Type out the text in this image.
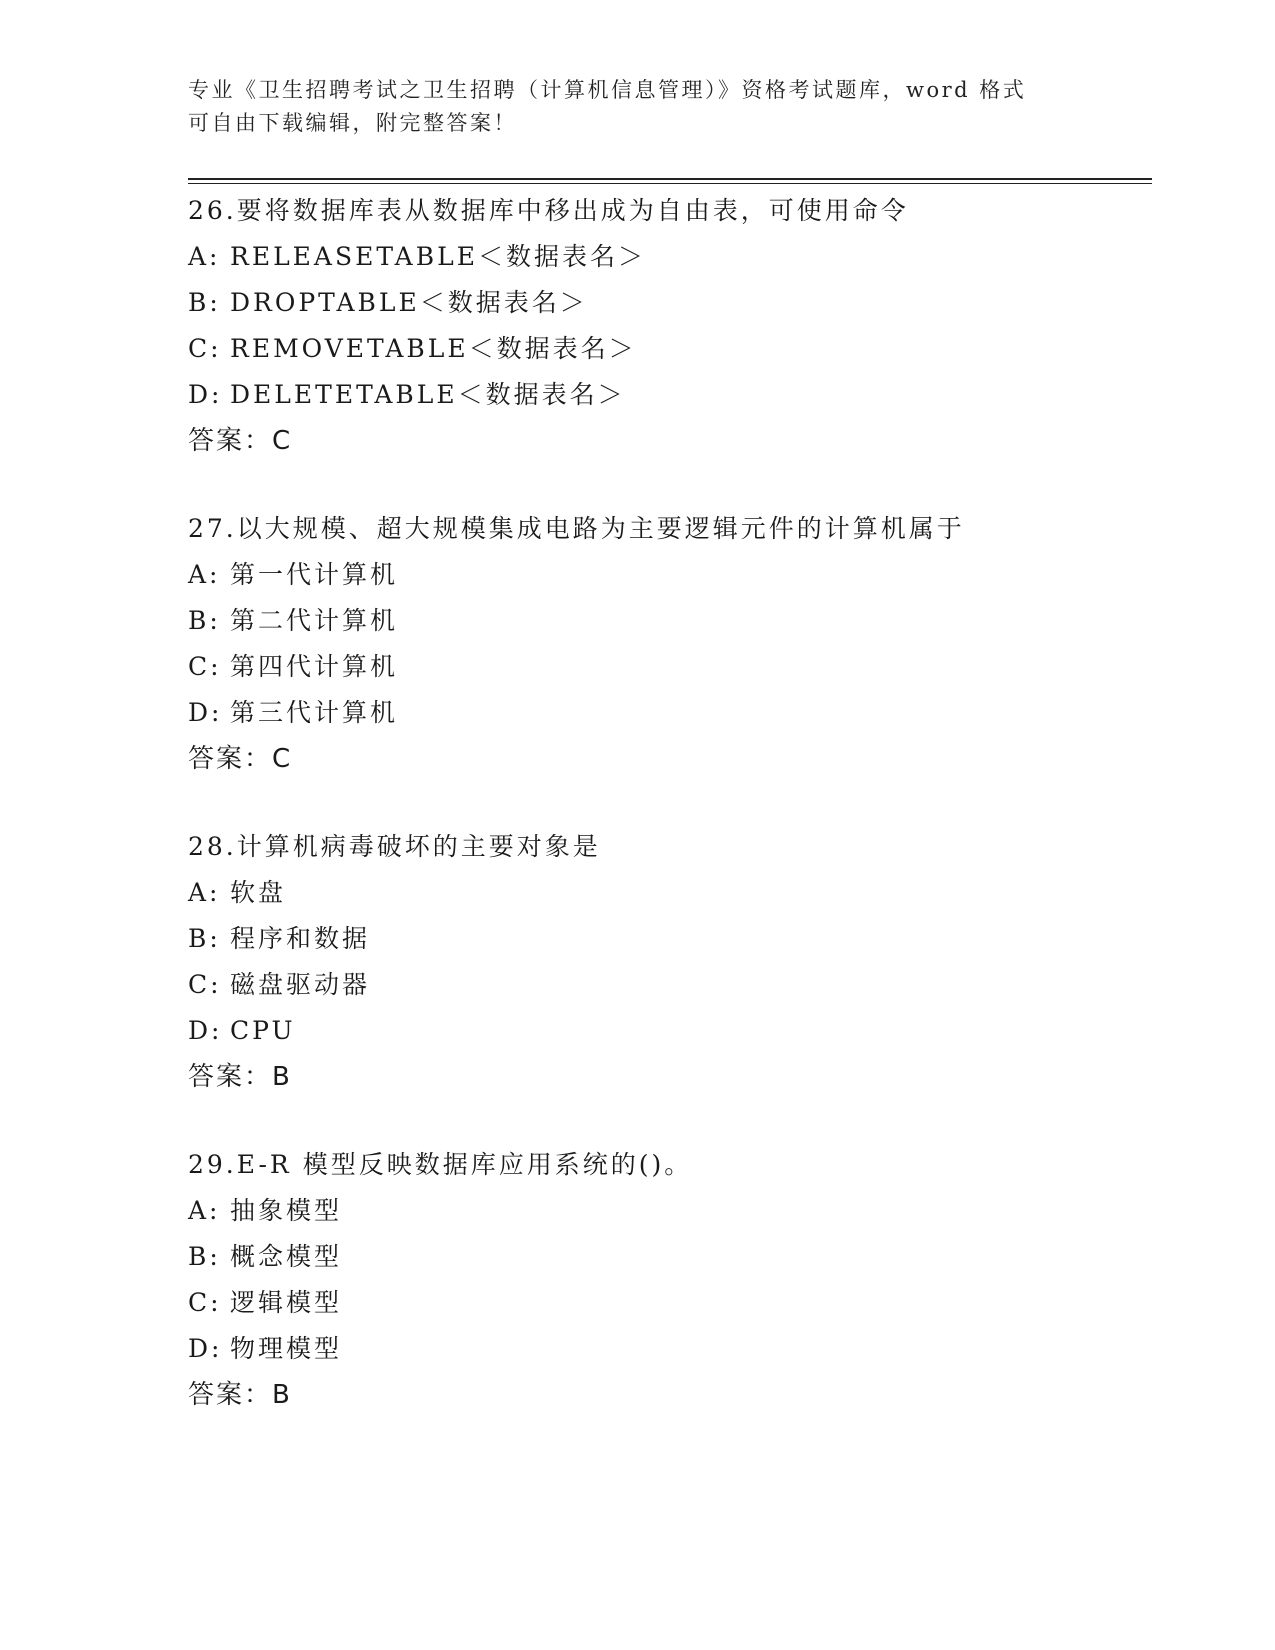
专业《卫生招聘考试之卫生招聘（计算机信息管理）》资格考试题库，word 格式
可自由下载编辑，附完整答案！
26.要将数据库表从数据库中移出成为自由表，可使用命令
A: RELEASETABLE＜数据表名＞
B: DROPTABLE＜数据表名＞
C: REMOVETABLE＜数据表名＞
D: DELETETABLE＜数据表名＞
答案：C
27.以大规模、超大规模集成电路为主要逻辑元件的计算机属于
A: 第一代计算机
B: 第二代计算机
C: 第四代计算机
D: 第三代计算机
答案：C
28.计算机病毒破坏的主要对象是
A: 软盘
B: 程序和数据
C: 磁盘驱动器
D: CPU
答案：B
29.E-R 模型反映数据库应用系统的()。
A: 抽象模型
B: 概念模型
C: 逻辑模型
D: 物理模型
答案：B
